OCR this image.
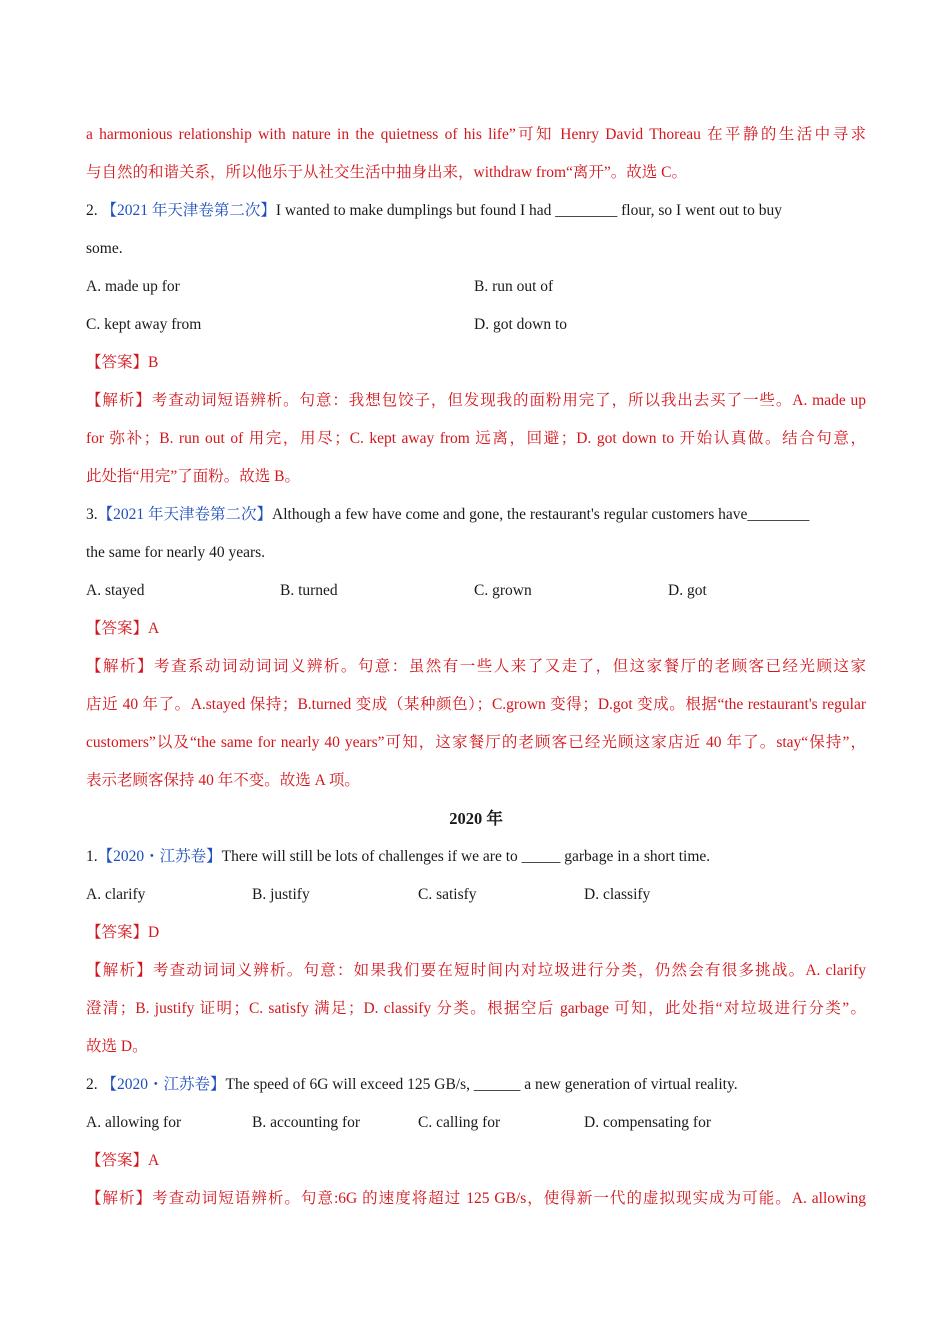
a harmonious relationship with nature in the quietness of his life”可知 Henry David Thoreau 在平静的生活中寻求
与自然的和谐关系，所以他乐于从社交生活中抽身出来，withdraw from“离开”。故选 C。
2. 【2021 年天津卷第二次】I wanted to make dumplings but found I had ________ flour, so I went out to buy
some.
A. made up for	B. run out of
C. kept away from	D. got down to
【答案】B
【解析】考查动词短语辨析。句意：我想包饺子，但发现我的面粉用完了，所以我出去买了一些。A. made up
for 弥补；B. run out of 用完，用尽；C. kept away from 远离，回避；D. got down to 开始认真做。结合句意，
此处指“用完”了面粉。故选 B。
3.【2021 年天津卷第二次】Although a few have come and gone, the restaurant's regular customers have________
the same for nearly 40 years.
A. stayed	B. turned	C. grown	D. got
【答案】A
【解析】考查系动词动词词义辨析。句意：虽然有一些人来了又走了，但这家餐厅的老顾客已经光顾这家
店近 40 年了。A.stayed 保持；B.turned 变成（某种颜色）；C.grown 变得；D.got 变成。根据“the restaurant's regular
customers”以及“the same for nearly 40 years”可知，这家餐厅的老顾客已经光顾这家店近 40 年了。stay“保持”，
表示老顾客保持 40 年不变。故选 A 项。
2020 年
1.【2020・江苏卷】There will still be lots of challenges if we are to _____ garbage in a short time.
A. clarify	B. justify	C. satisfy	D. classify
【答案】D
【解析】考查动词词义辨析。句意：如果我们要在短时间内对垃圾进行分类，仍然会有很多挑战。A. clarify
澄清；B. justify 证明；C. satisfy 满足；D. classify 分类。根据空后 garbage 可知，此处指“对垃圾进行分类”。
故选 D。
2. 【2020・江苏卷】The speed of 6G will exceed 125 GB/s, ______ a new generation of virtual reality.
A. allowing for	B. accounting for	C. calling for	D. compensating for
【答案】A
【解析】考查动词短语辨析。句意:6G 的速度将超过 125 GB/s，使得新一代的虚拟现实成为可能。A. allowing
